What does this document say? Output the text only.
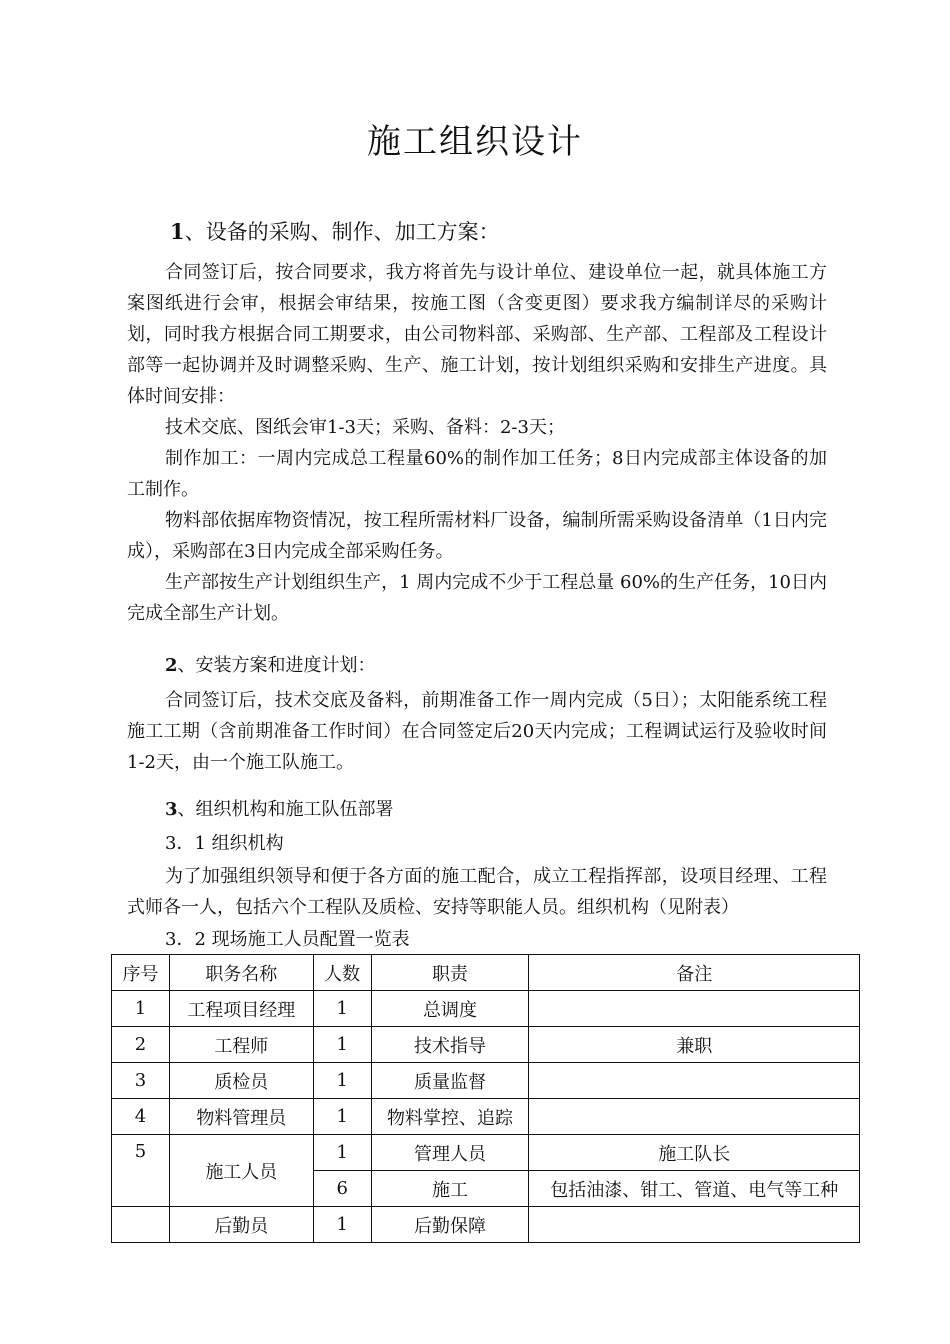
施工组织设计
1、设备的采购、制作、加工方案：

合同签订后，按合同要求，我方将首先与设计单位、建设单位一起，就具体施工方案图纸进行会审，根据会审结果，按施工图（含变更图）要求我方编制详尽的采购计划，同时我方根据合同工期要求，由公司物料部、采购部、生产部、工程部及工程设计部等一起协调并及时调整采购、生产、施工计划，按计划组织采购和安排生产进度。具体时间安排：

技术交底、图纸会审1-3天；采购、备料：2-3天；

制作加工：一周内完成总工程量60%的制作加工任务；8日内完成部主体设备的加工制作。

物料部依据库物资情况，按工程所需材料厂设备，编制所需采购设备清单（1日内完成），采购部在3日内完成全部采购任务。

生产部按生产计划组织生产，1 周内完成不少于工程总量 60%的生产任务，10日内完成全部生产计划。

2、安装方案和进度计划：

合同签订后，技术交底及备料，前期准备工作一周内完成（5日）；太阳能系统工程施工工期（含前期准备工作时间）在合同签定后20天内完成；工程调试运行及验收时间1-2天，由一个施工队施工。

3、组织机构和施工队伍部署
3．1 组织机构

为了加强组织领导和便于各方面的施工配合，成立工程指挥部，设项目经理、工程式师各一人，包括六个工程队及质检、安持等职能人员。组织机构（见附表）

3．2 现场施工人员配置一览表
序号	职务名称	人数	职责	备注
1	工程项目经理	1	总调度	
2	工程师	1	技术指导	兼职
3	质检员	1	质量监督	
4	物料管理员	1	物料掌控、追踪	
5	施工人员	1	管理人员	施工队长
		6	施工	包括油漆、钳工、管道、电气等工种
	后勤员	1	后勤保障	
